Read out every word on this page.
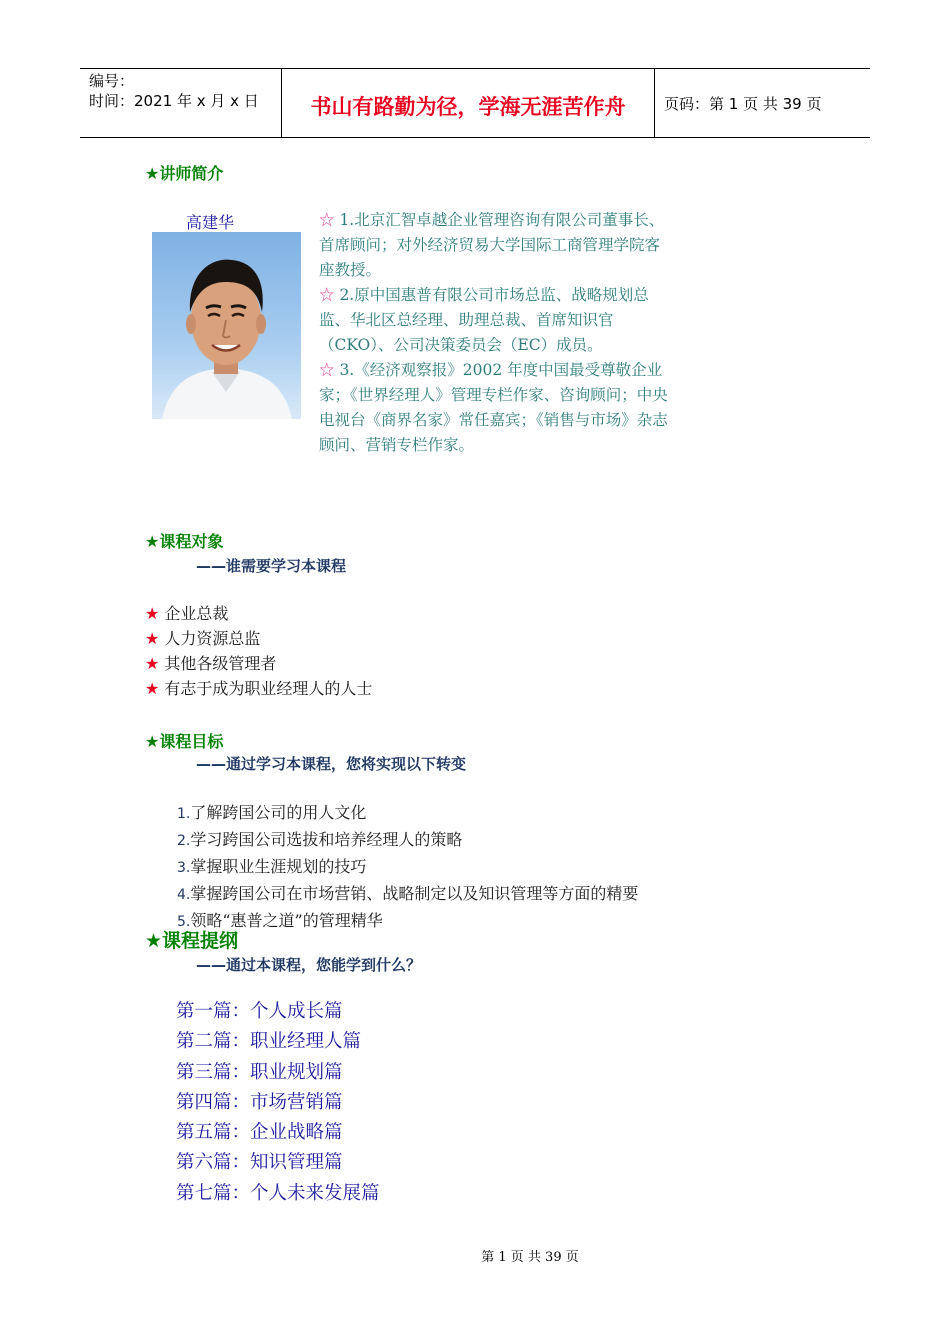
编号：
时间：2021 年 x 月 x 日	书山有路勤为径，学海无涯苦作舟	页码：第 1 页 共 39 页
★讲师简介
高建华	☆ 1.北京汇智卓越企业管理咨询有限公司董事长、首席顾问；对外经济贸易大学国际工商管理学院客座教授。

☆ 2.原中国惠普有限公司市场总监、战略规划总监、华北区总经理、助理总裁、首席知识官（CKO）、公司决策委员会（EC）成员。

☆ 3.《经济观察报》2002 年度中国最受尊敬企业家；《世界经理人》管理专栏作家、咨询顾问；中央电视台《商界名家》常任嘉宾；《销售与市场》杂志顾问、营销专栏作家。

★课程对象
——谁需要学习本课程
★ 企业总裁
★ 人力资源总监
★ 其他各级管理者
★ 有志于成为职业经理人的人士
★课程目标
——通过学习本课程，您将实现以下转变
1.了解跨国公司的用人文化
2.学习跨国公司选拔和培养经理人的策略
3.掌握职业生涯规划的技巧
4.掌握跨国公司在市场营销、战略制定以及知识管理等方面的精要
5.领略“惠普之道”的管理精华
★课程提纲
——通过本课程，您能学到什么？
第一篇：个人成长篇
第二篇：职业经理人篇
第三篇：职业规划篇
第四篇：市场营销篇
第五篇：企业战略篇
第六篇：知识管理篇
第七篇：个人未来发展篇
第 1 页 共 39 页
